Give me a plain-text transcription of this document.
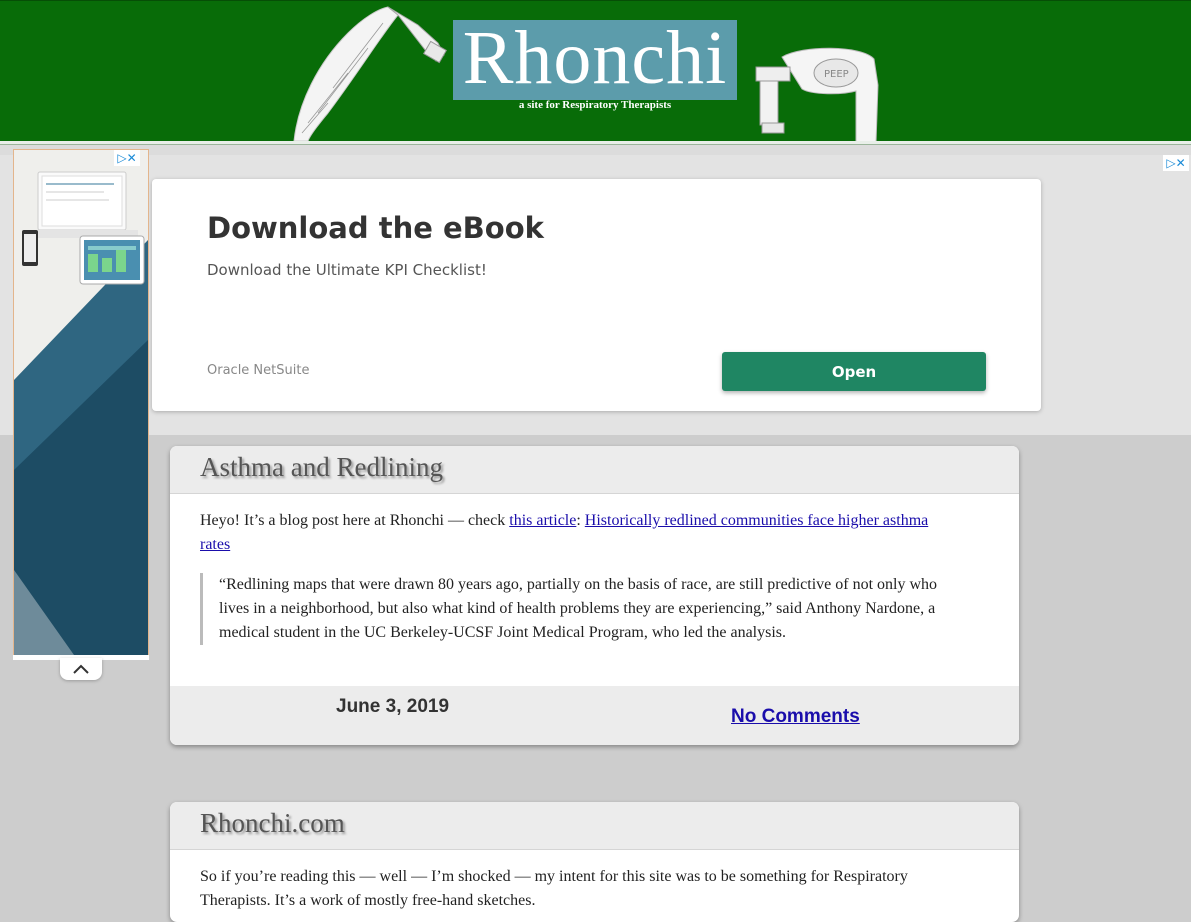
Rhonchi
a site for Respiratory Therapists
PEEP
▷✕
Download the eBook
Download the Ultimate KPI Checklist!
Oracle NetSuite	Open
▷✕
Asthma and Redlining
Heyo! It’s a blog post here at Rhonchi — check this article: Historically redlined communities face higher asthma rates
“Redlining maps that were drawn 80 years ago, partially on the basis of race, are still predictive of not only who lives in a neighborhood, but also what kind of health problems they are experiencing,” said Anthony Nardone, a medical student in the UC Berkeley-UCSF Joint Medical Program, who led the analysis.
June 3, 2019	No Comments
Rhonchi.com
So if you’re reading this — well — I’m shocked — my intent for this site was to be something for Respiratory Therapists. It’s a work of mostly free-hand sketches.
